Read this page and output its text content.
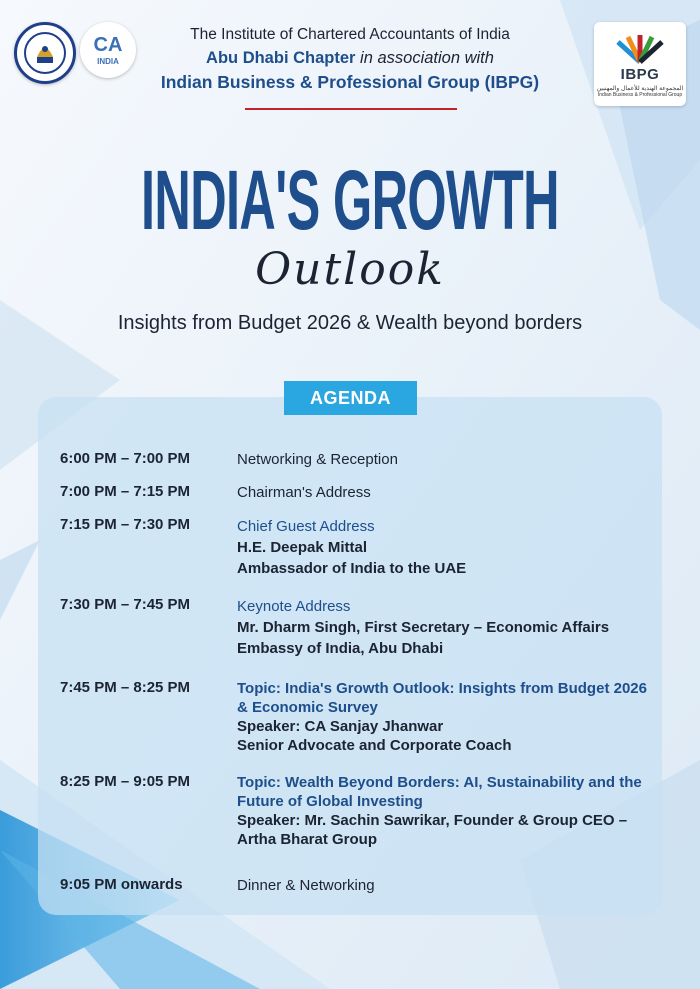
CA
INDIA
The Institute of Chartered Accountants of India
Abu Dhabi Chapter in association with
Indian Business & Professional Group (IBPG)	IBPG
المجموعة الهندية للأعمال والمهنيين
Indian Business & Professional Group
INDIA'S GROWTH
Outlook
Insights from Budget 2026 & Wealth beyond borders
AGENDA
6:00 PM – 7:00 PM	Networking & Reception
7:00 PM – 7:15 PM	Chairman's Address
7:15 PM – 7:30 PM	Chief Guest Address
H.E. Deepak Mittal
Ambassador of India to the UAE
7:30 PM – 7:45 PM	Keynote Address
Mr. Dharm Singh, First Secretary – Economic Affairs Embassy of India, Abu Dhabi
7:45 PM – 8:25 PM	Topic: India's Growth Outlook: Insights from Budget 2026 & Economic Survey
Speaker: CA Sanjay Jhanwar
Senior Advocate and Corporate Coach
8:25 PM – 9:05 PM	Topic: Wealth Beyond Borders: AI, Sustainability and the Future of Global Investing
Speaker: Mr. Sachin Sawrikar, Founder & Group CEO – Artha Bharat Group
9:05 PM onwards	Dinner & Networking
